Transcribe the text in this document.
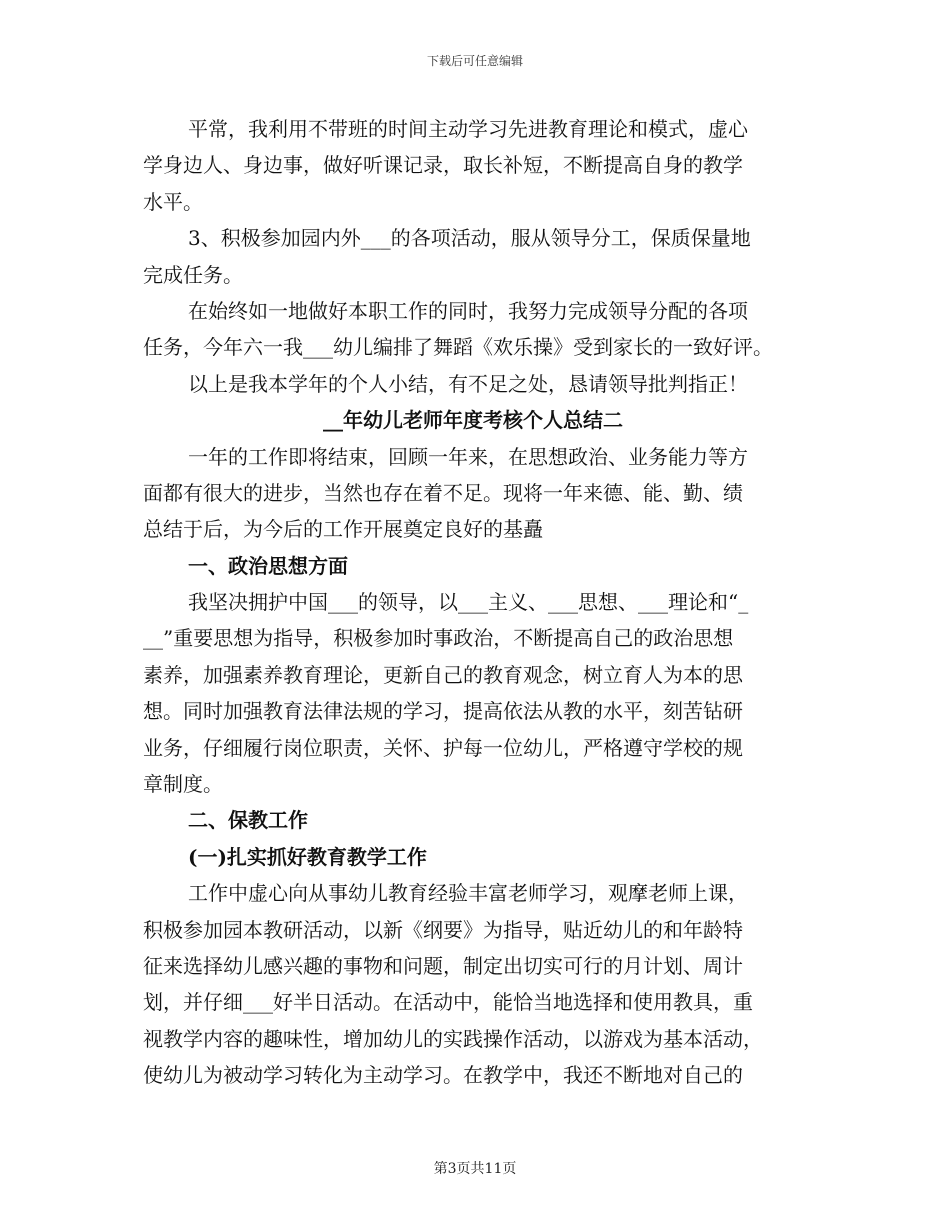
下载后可任意编辑
平常，我利用不带班的时间主动学习先进教育理论和模式，虚心
学身边人、身边事，做好听课记录，取长补短，不断提高自身的教学
水平。
3、积极参加园内外___的各项活动，服从领导分工，保质保量地
完成任务。
在始终如一地做好本职工作的同时，我努力完成领导分配的各项
任务，今年六一我___幼儿编排了舞蹈《欢乐操》受到家长的一致好评。
以上是我本学年的个人小结，有不足之处，恳请领导批判指正！
__年幼儿老师年度考核个人总结二
一年的工作即将结束，回顾一年来，在思想政治、业务能力等方
面都有很大的进步，当然也存在着不足。现将一年来德、能、勤、绩
总结于后，为今后的工作开展奠定良好的基矗
一、政治思想方面
我坚决拥护中国___的领导，以___主义、___思想、___理论和“_
__”重要思想为指导，积极参加时事政治，不断提高自己的政治思想
素养，加强素养教育理论，更新自己的教育观念，树立育人为本的思
想。同时加强教育法律法规的学习，提高依法从教的水平，刻苦钻研
业务，仔细履行岗位职责，关怀、护每一位幼儿，严格遵守学校的规
章制度。
二、保教工作
(一)扎实抓好教育教学工作
工作中虚心向从事幼儿教育经验丰富老师学习，观摩老师上课，
积极参加园本教研活动，以新《纲要》为指导，贴近幼儿的和年龄特
征来选择幼儿感兴趣的事物和问题，制定出切实可行的月计划、周计
划，并仔细___好半日活动。在活动中，能恰当地选择和使用教具，重
视教学内容的趣味性，增加幼儿的实践操作活动，以游戏为基本活动，
使幼儿为被动学习转化为主动学习。在教学中，我还不断地对自己的
第3页共11页
